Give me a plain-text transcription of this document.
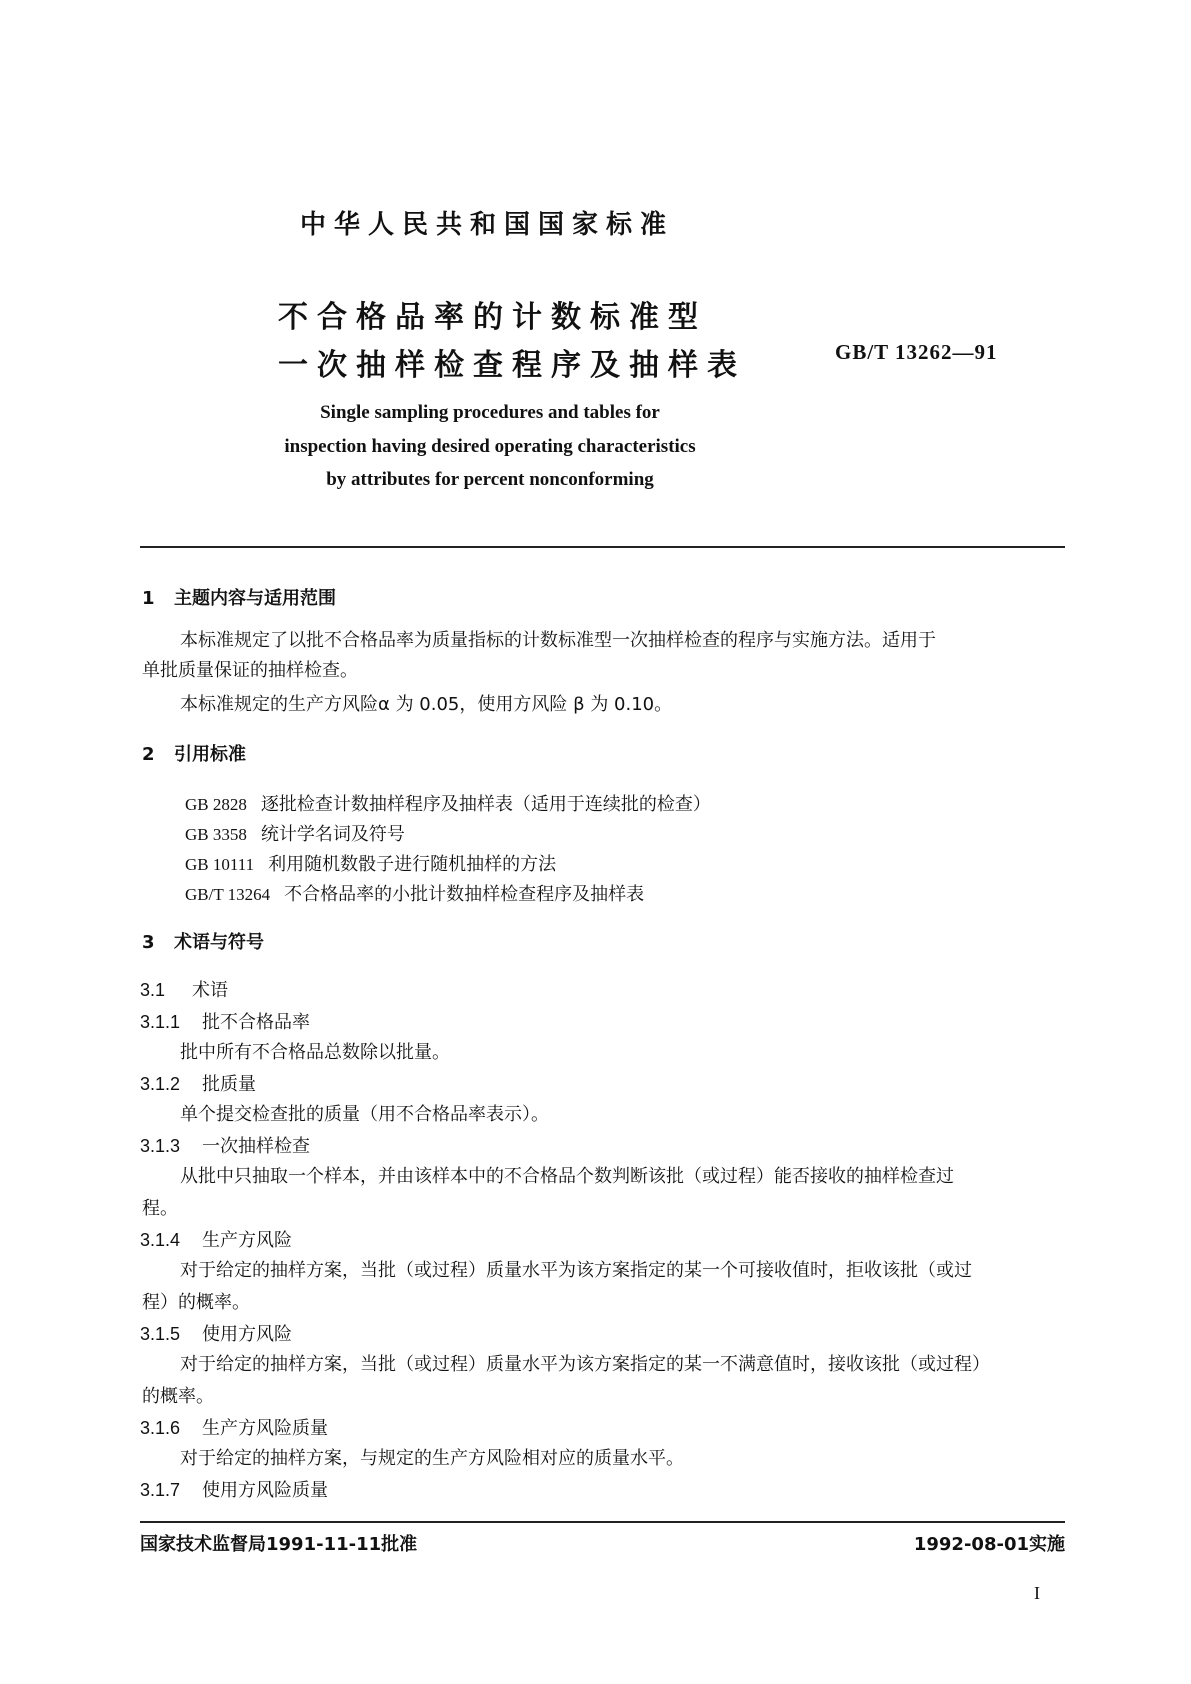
中华人民共和国国家标准
不合格品率的计数标准型
一次抽样检查程序及抽样表	GB/T 13262—91
Single sampling procedures and tables for
inspection having desired operating characteristics
by attributes for percent nonconforming
1 主题内容与适用范围
本标准规定了以批不合格品率为质量指标的计数标准型一次抽样检查的程序与实施方法。适用于
单批质量保证的抽样检查。
本标准规定的生产方风险α 为 0.05，使用方风险 β 为 0.10。
2 引用标准
GB 2828 逐批检查计数抽样程序及抽样表（适用于连续批的检查）
GB 3358 统计学名词及符号
GB 10111 利用随机数骰子进行随机抽样的方法
GB/T 13264 不合格品率的小批计数抽样检查程序及抽样表
3 术语与符号
3.1 术语
3.1.1 批不合格品率
批中所有不合格品总数除以批量。
3.1.2 批质量
单个提交检查批的质量（用不合格品率表示）。
3.1.3 一次抽样检查
从批中只抽取一个样本，并由该样本中的不合格品个数判断该批（或过程）能否接收的抽样检查过
程。
3.1.4 生产方风险
对于给定的抽样方案，当批（或过程）质量水平为该方案指定的某一个可接收值时，拒收该批（或过
程）的概率。
3.1.5 使用方风险
对于给定的抽样方案，当批（或过程）质量水平为该方案指定的某一不满意值时，接收该批（或过程）
的概率。
3.1.6 生产方风险质量
对于给定的抽样方案，与规定的生产方风险相对应的质量水平。
3.1.7 使用方风险质量
国家技术监督局1991-11-11批准	1992-08-01实施
I
